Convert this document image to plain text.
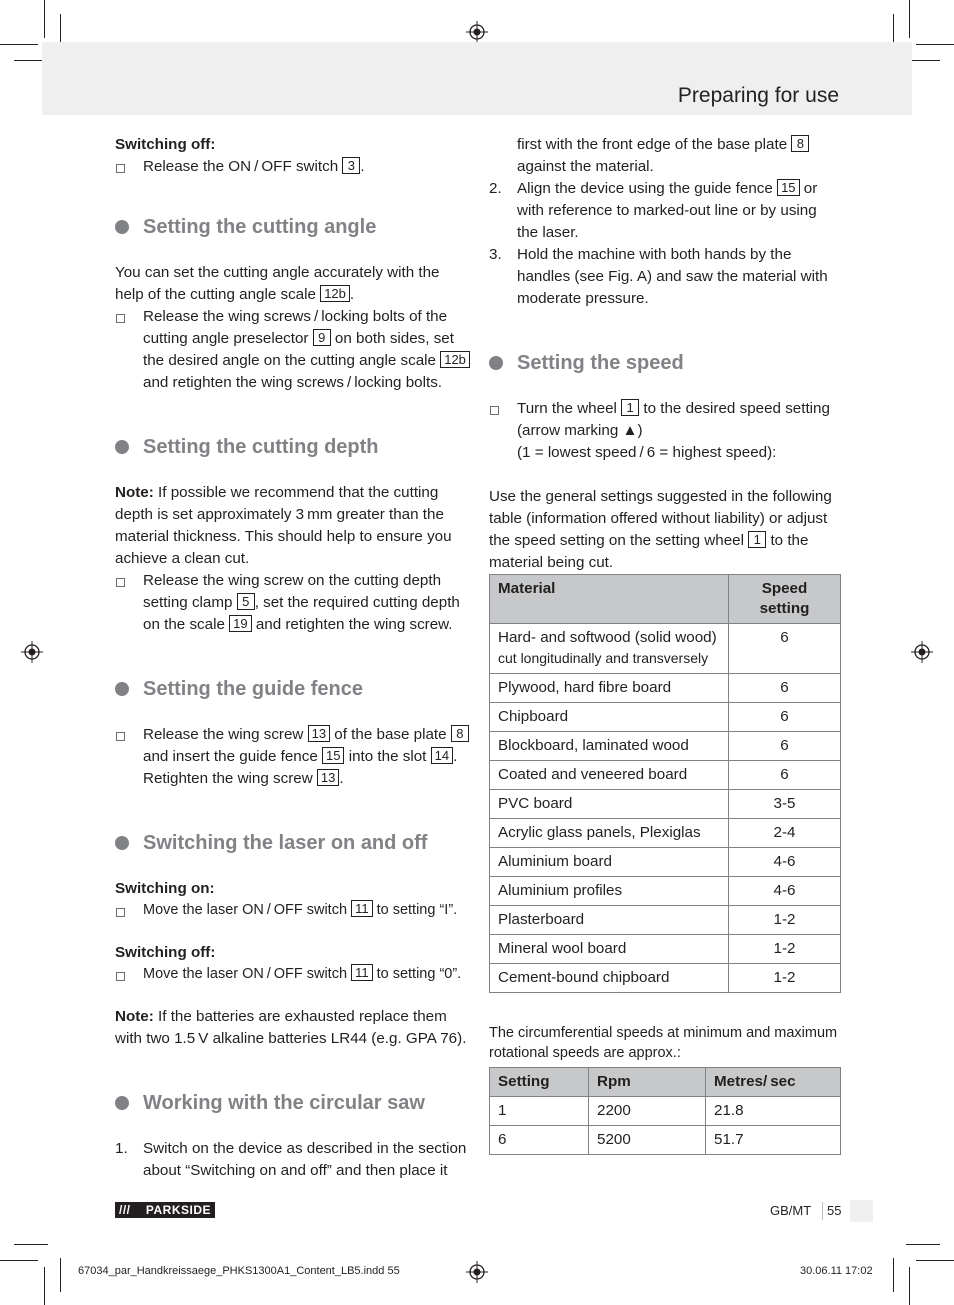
Preparing for use

Switching off:

Release the ON / OFF switch 3 .
Setting the cutting angle

You can set the cutting angle accurately with the help of the cutting angle scale 12b .

Release the wing screws / locking bolts of the cutting angle preselector 9 on both sides, set the desired angle on the cutting angle scale 12b and retighten the wing screws / locking bolts.
Setting the cutting depth

Note: If possible we recommend that the cutting depth is set approximately 3 mm greater than the material thickness. This should help to ensure you achieve a clean cut.

Release the wing screw on the cutting depth setting clamp 5 , set the required cutting depth on the scale 19 and retighten the wing screw.
Setting the guide fence
Release the wing screw 13 of the base plate 8 and insert the guide fence 15 into the slot 14 . Retighten the wing screw 13 .
Switching the laser on and off

Switching on:

Move the laser ON / OFF switch 11 to setting “I”.

Switching off:

Move the laser ON / OFF switch 11 to setting “0”.

Note: If the batteries are exhausted replace them with two 1.5 V alkaline batteries LR44 (e.g. GPA 76).

Working with the circular saw
1. Switch on the device as described in the section about “Switching on and off” and then place it
first with the front edge of the base plate 8 against the material.
2. Align the device using the guide fence 15 or with reference to marked-out line or by using the laser.
3. Hold the machine with both hands by the handles (see Fig. A) and saw the material with moderate pressure.
Setting the speed
Turn the wheel 1 to the desired speed setting (arrow marking ▲)
(1 = lowest speed / 6 = highest speed):

Use the general settings suggested in the following table (information offered without liability) or adjust the speed setting on the setting wheel 1 to the material being cut.

Material	Speed setting
Hard- and softwood (solid wood)
cut longitudinally and transversely	6
Plywood, hard fibre board	6
Chipboard	6
Blockboard, laminated wood	6
Coated and veneered board	6
PVC board	3-5
Acrylic glass panels, Plexiglas	2-4
Aluminium board	4-6
Aluminium profiles	4-6
Plasterboard	1-2
Mineral wool board	1-2
Cement-bound chipboard	1-2

The circumferential speeds at minimum and maximum rotational speeds are approx.:

Setting	Rpm	Metres/ sec
1	2200	21.8
6	5200	51.7
/// PARKSIDE	GB/MT 55
67034_par_Handkreissaege_PHKS1300A1_Content_LB5.indd 55	30.06.11 17:02
